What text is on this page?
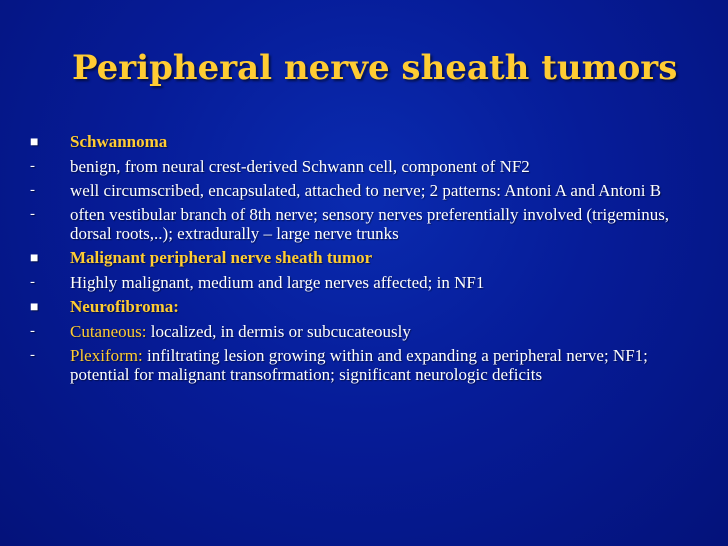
Peripheral nerve sheath tumors
■	Schwannoma
-	benign, from neural crest-derived Schwann cell, component of NF2
-	well circumscribed, encapsulated, attached to nerve; 2 patterns: Antoni A and Antoni B
-	often vestibular branch of 8th nerve; sensory nerves preferentially involved (trigeminus, dorsal roots,..); extradurally – large nerve trunks
■	Malignant peripheral nerve sheath tumor
-	Highly malignant, medium and large nerves affected; in NF1
■	Neurofibroma:
-	Cutaneous: localized, in dermis or subcucateously
-	Plexiform: infiltrating lesion growing within and expanding a peripheral nerve; NF1; potential for malignant transofrmation; significant neurologic deficits
